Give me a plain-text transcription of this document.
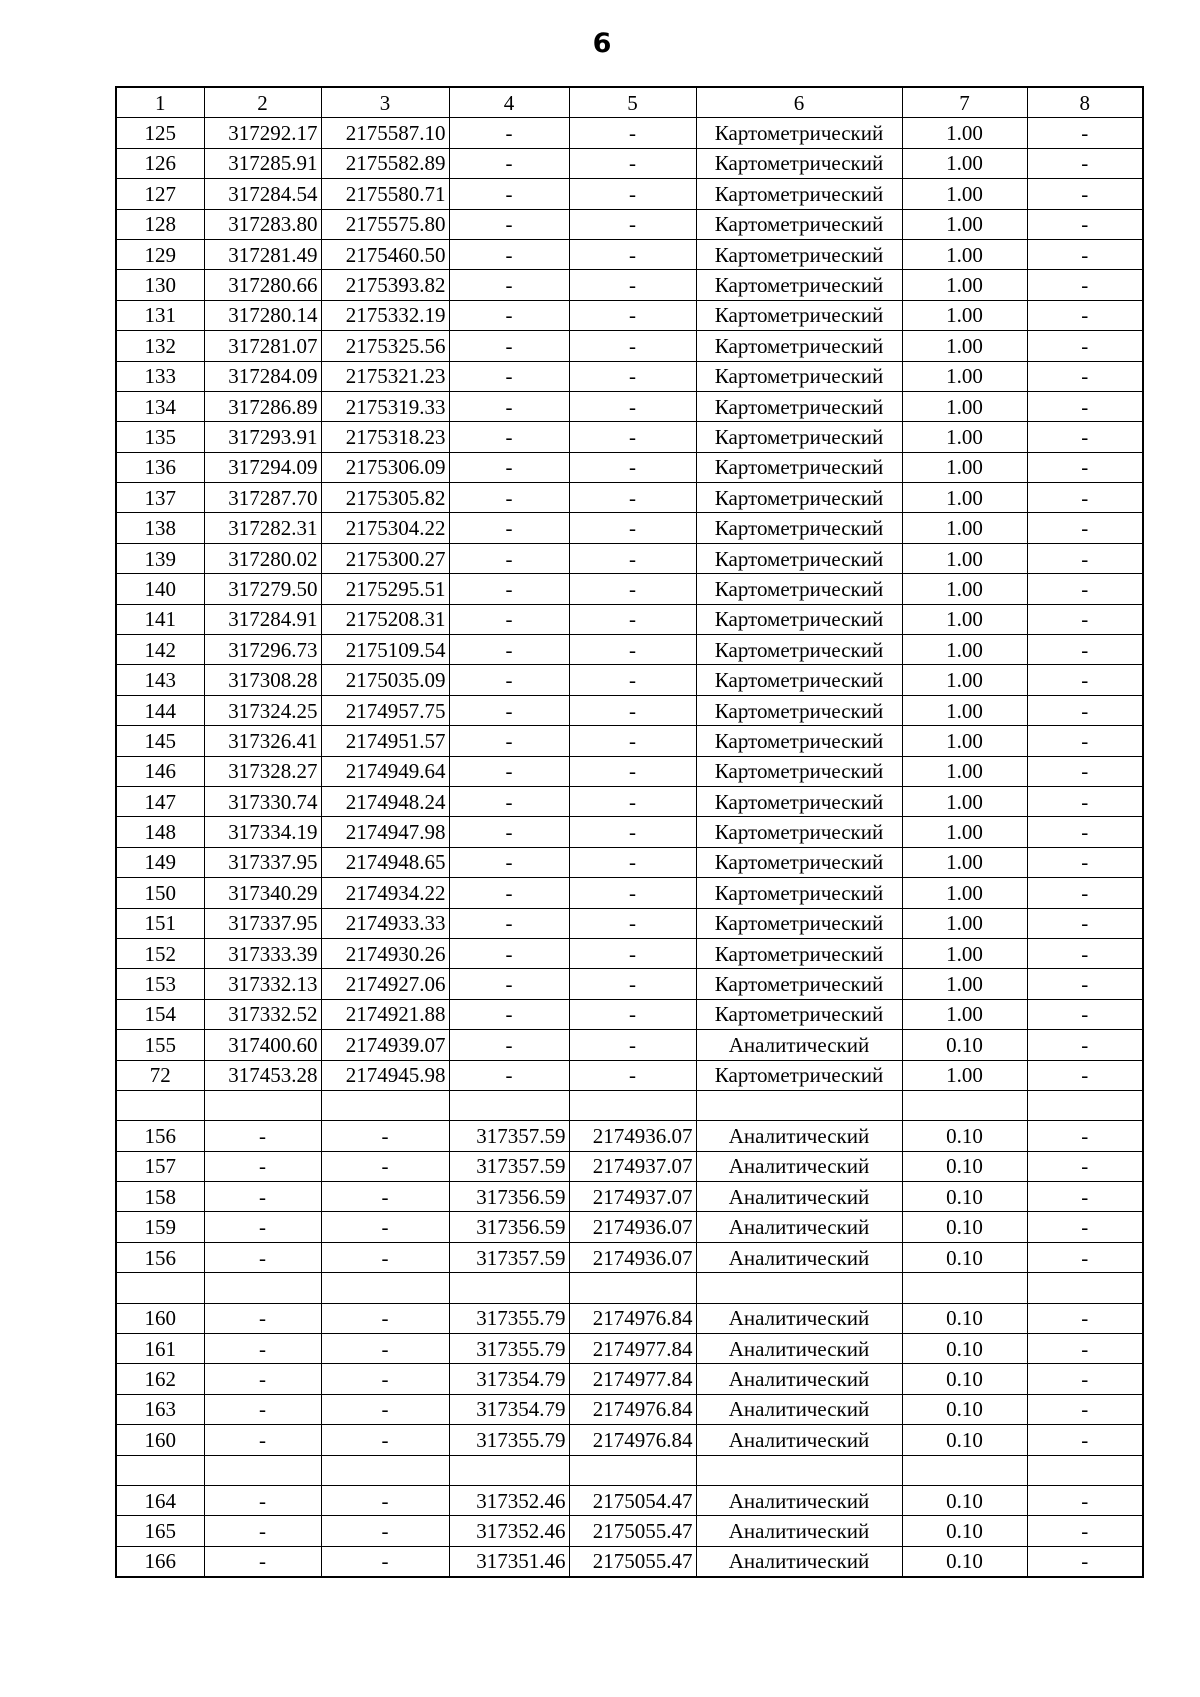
6
1	2	3	4	5	6	7	8
125	317292.17	2175587.10	-	-	Картометрический	1.00	-
126	317285.91	2175582.89	-	-	Картометрический	1.00	-
127	317284.54	2175580.71	-	-	Картометрический	1.00	-
128	317283.80	2175575.80	-	-	Картометрический	1.00	-
129	317281.49	2175460.50	-	-	Картометрический	1.00	-
130	317280.66	2175393.82	-	-	Картометрический	1.00	-
131	317280.14	2175332.19	-	-	Картометрический	1.00	-
132	317281.07	2175325.56	-	-	Картометрический	1.00	-
133	317284.09	2175321.23	-	-	Картометрический	1.00	-
134	317286.89	2175319.33	-	-	Картометрический	1.00	-
135	317293.91	2175318.23	-	-	Картометрический	1.00	-
136	317294.09	2175306.09	-	-	Картометрический	1.00	-
137	317287.70	2175305.82	-	-	Картометрический	1.00	-
138	317282.31	2175304.22	-	-	Картометрический	1.00	-
139	317280.02	2175300.27	-	-	Картометрический	1.00	-
140	317279.50	2175295.51	-	-	Картометрический	1.00	-
141	317284.91	2175208.31	-	-	Картометрический	1.00	-
142	317296.73	2175109.54	-	-	Картометрический	1.00	-
143	317308.28	2175035.09	-	-	Картометрический	1.00	-
144	317324.25	2174957.75	-	-	Картометрический	1.00	-
145	317326.41	2174951.57	-	-	Картометрический	1.00	-
146	317328.27	2174949.64	-	-	Картометрический	1.00	-
147	317330.74	2174948.24	-	-	Картометрический	1.00	-
148	317334.19	2174947.98	-	-	Картометрический	1.00	-
149	317337.95	2174948.65	-	-	Картометрический	1.00	-
150	317340.29	2174934.22	-	-	Картометрический	1.00	-
151	317337.95	2174933.33	-	-	Картометрический	1.00	-
152	317333.39	2174930.26	-	-	Картометрический	1.00	-
153	317332.13	2174927.06	-	-	Картометрический	1.00	-
154	317332.52	2174921.88	-	-	Картометрический	1.00	-
155	317400.60	2174939.07	-	-	Аналитический	0.10	-
72	317453.28	2174945.98	-	-	Картометрический	1.00	-

156	-	-	317357.59	2174936.07	Аналитический	0.10	-
157	-	-	317357.59	2174937.07	Аналитический	0.10	-
158	-	-	317356.59	2174937.07	Аналитический	0.10	-
159	-	-	317356.59	2174936.07	Аналитический	0.10	-
156	-	-	317357.59	2174936.07	Аналитический	0.10	-

160	-	-	317355.79	2174976.84	Аналитический	0.10	-
161	-	-	317355.79	2174977.84	Аналитический	0.10	-
162	-	-	317354.79	2174977.84	Аналитический	0.10	-
163	-	-	317354.79	2174976.84	Аналитический	0.10	-
160	-	-	317355.79	2174976.84	Аналитический	0.10	-

164	-	-	317352.46	2175054.47	Аналитический	0.10	-
165	-	-	317352.46	2175055.47	Аналитический	0.10	-
166	-	-	317351.46	2175055.47	Аналитический	0.10	-
